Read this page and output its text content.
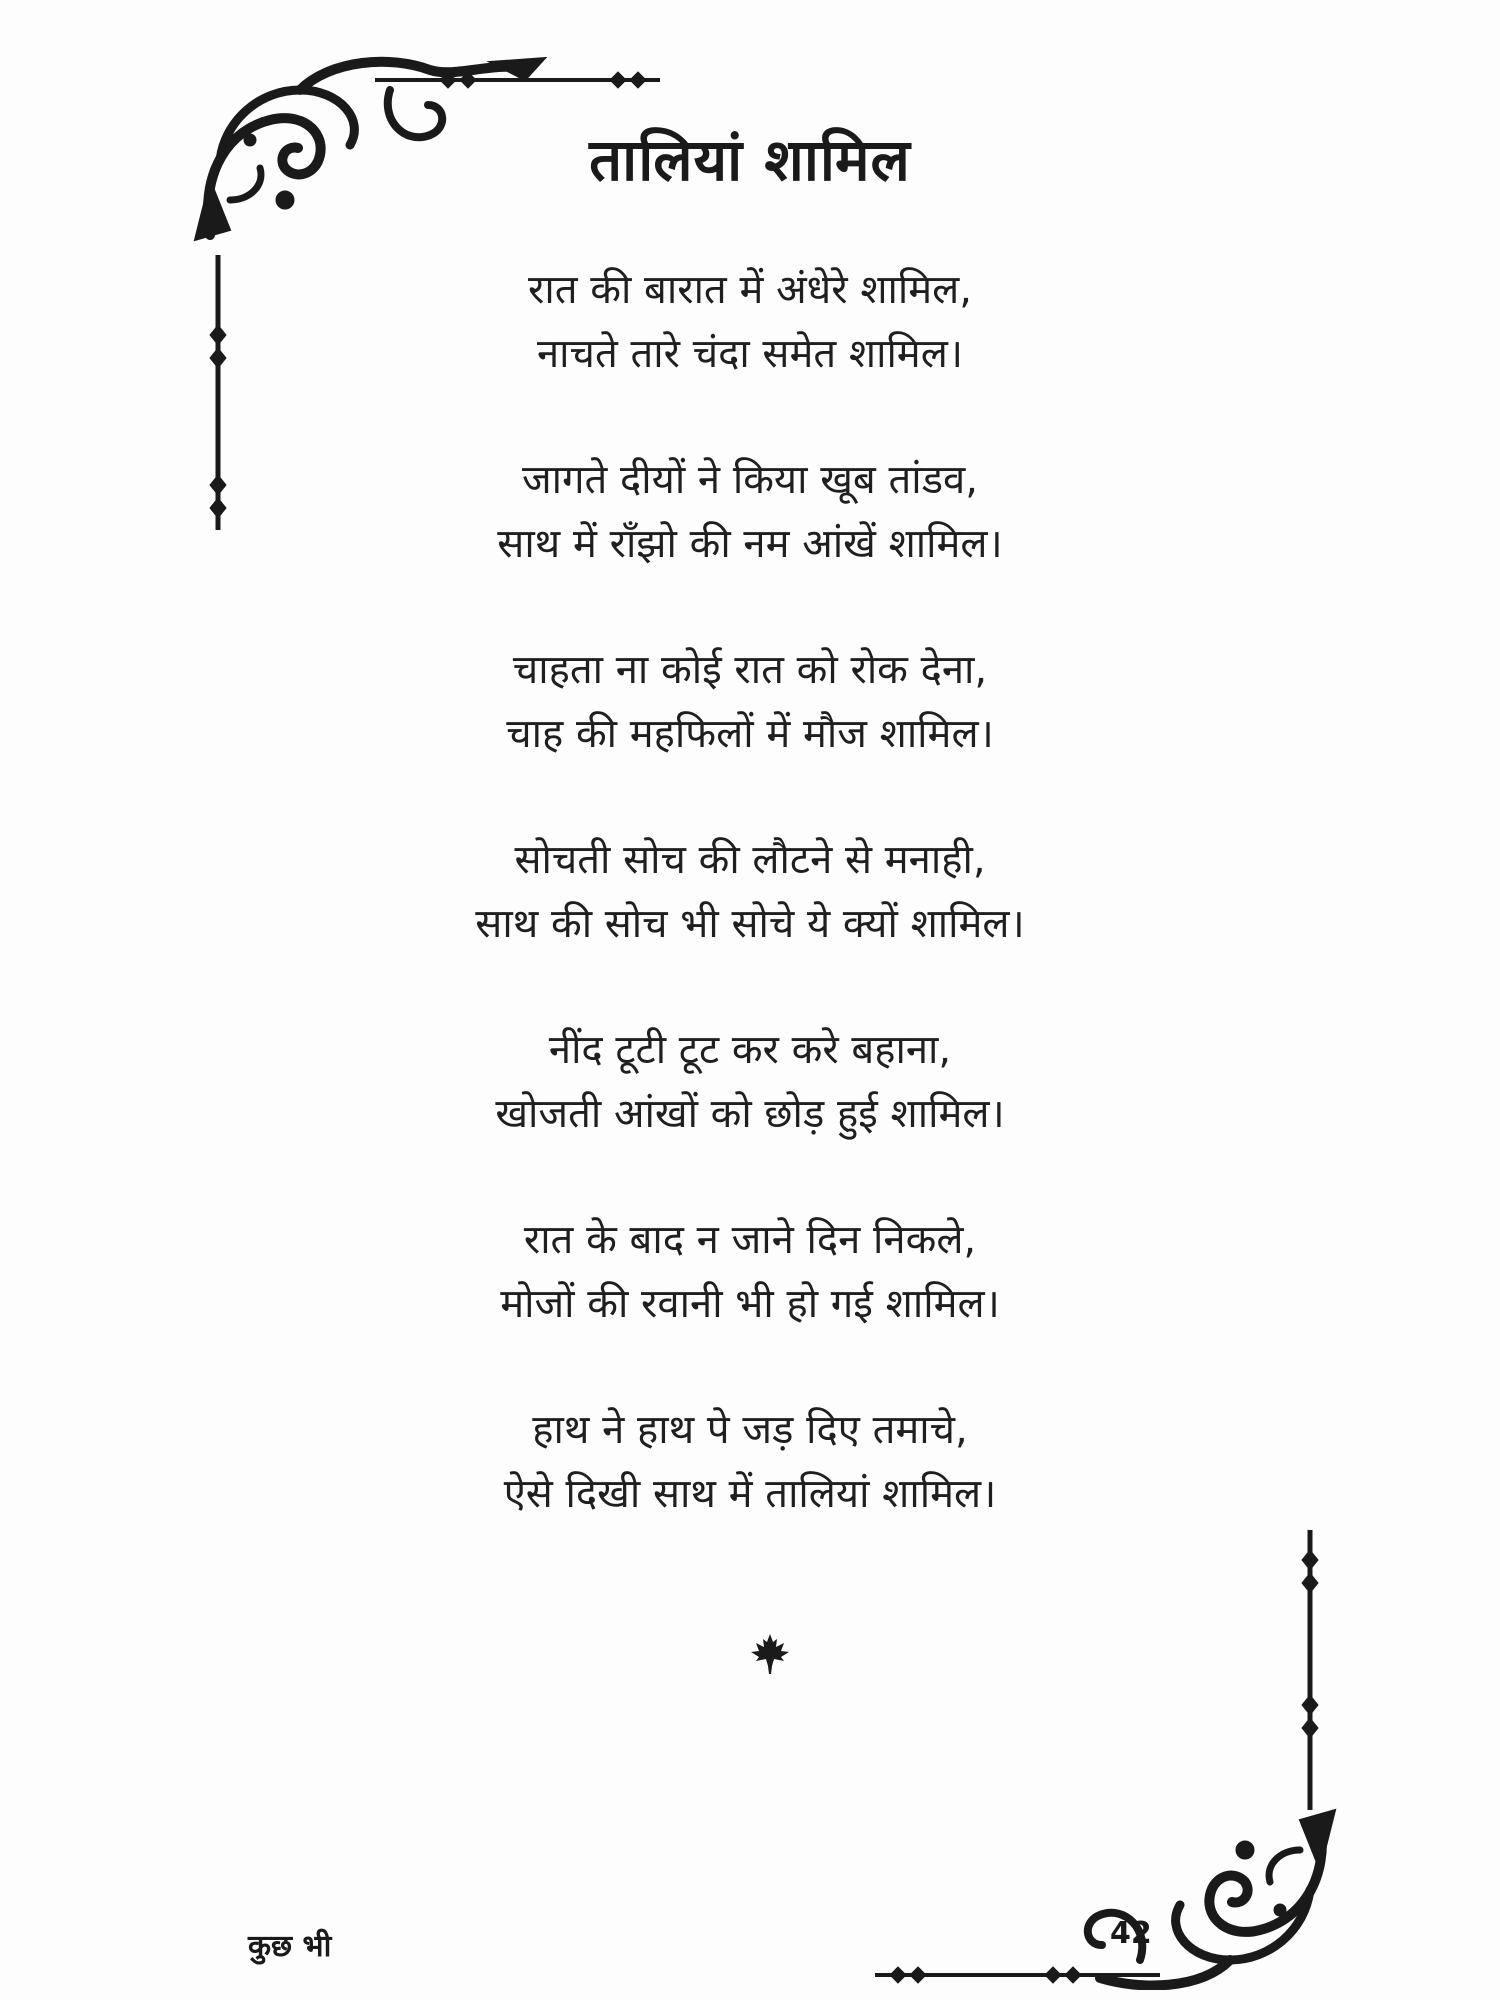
तालियां शामिल
रात की बारात में अंधेरे शामिल,
नाचते तारे चंदा समेत शामिल।
जागते दीयों ने किया खूब तांडव,
साथ में राँझो की नम आंखें शामिल।
चाहता ना कोई रात को रोक देना,
चाह की महफिलों में मौज शामिल।
सोचती सोच की लौटने से मनाही,
साथ की सोच भी सोचे ये क्यों शामिल।
नींद टूटी टूट कर करे बहाना,
खोजती आंखों को छोड़ हुई शामिल।
रात के बाद न जाने दिन निकले,
मोजों की रवानी भी हो गई शामिल।
हाथ ने हाथ पे जड़ दिए तमाचे,
ऐसे दिखी साथ में तालियां शामिल।
कुछ भी	42
